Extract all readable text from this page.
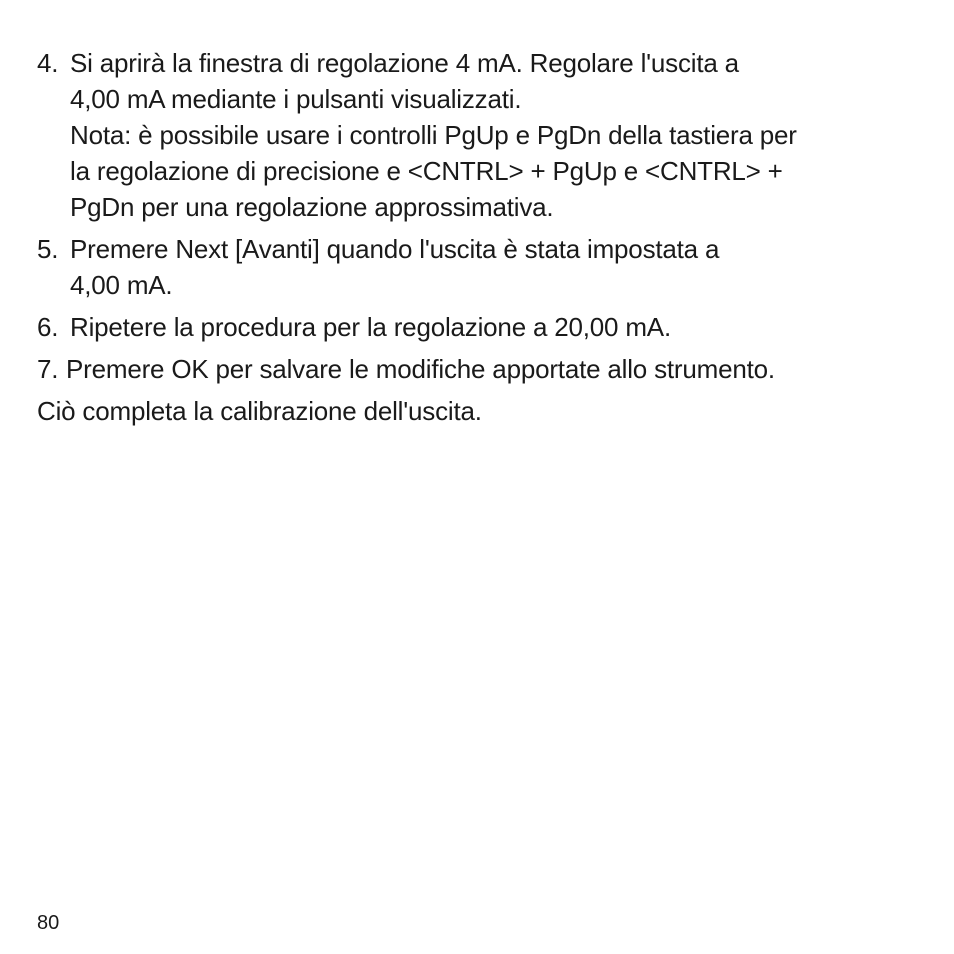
4. Si aprirà la finestra di regolazione 4 mA. Regolare l'uscita a
4,00 mA mediante i pulsanti visualizzati.
Nota: è possibile usare i controlli PgUp e PgDn della tastiera per
la regolazione di precisione e <CNTRL> + PgUp e <CNTRL> +
PgDn per una regolazione approssimativa.
5. Premere Next [Avanti] quando l'uscita è stata impostata a
4,00 mA.
6. Ripetere la procedura per la regolazione a 20,00 mA.
7. Premere OK per salvare le modifiche apportate allo strumento.
Ciò completa la calibrazione dell'uscita.
80
